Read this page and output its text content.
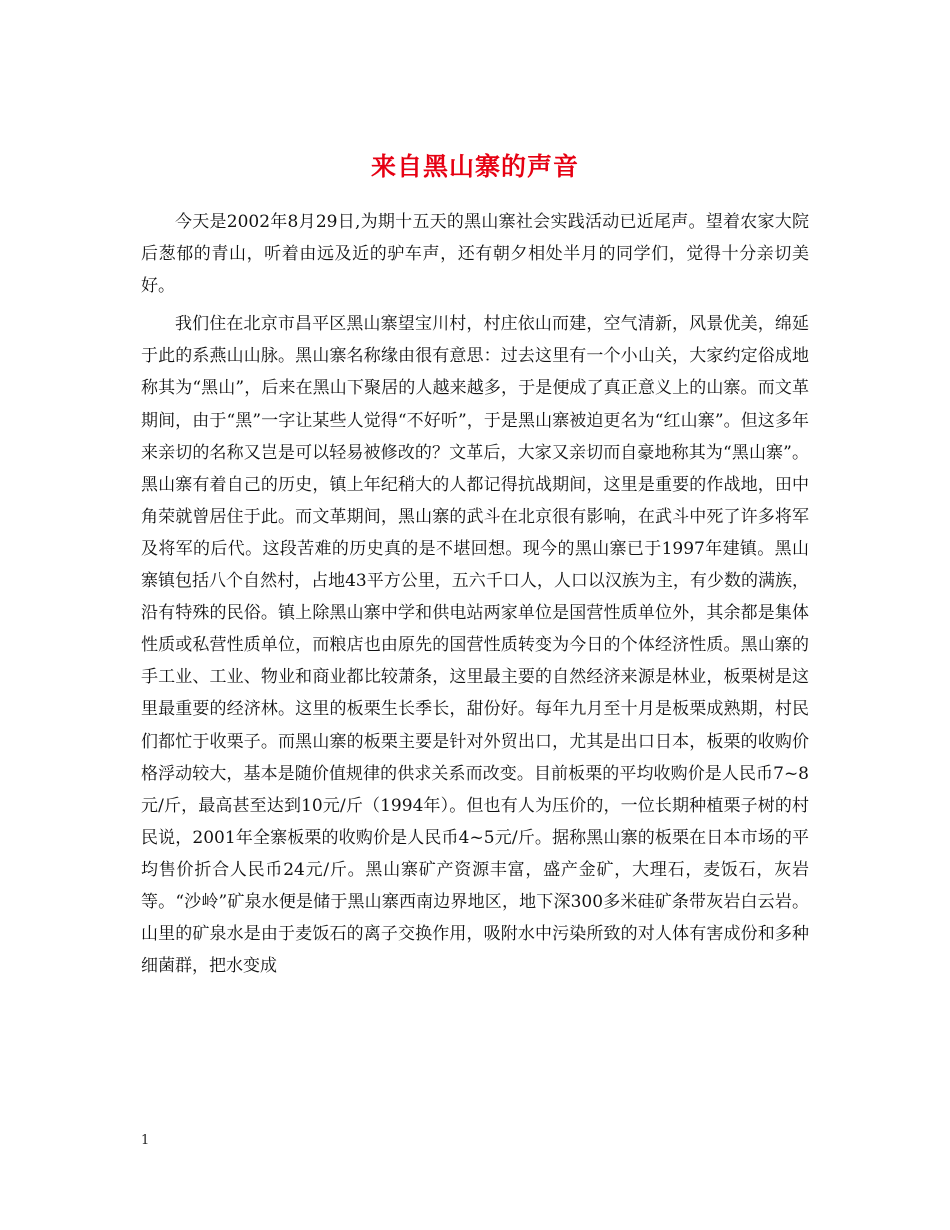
来自黑山寨的声音

今天是2002年8月29日,为期十五天的黑山寨社会实践活动已近尾声。望着农家大院后葱郁的青山，听着由远及近的驴车声，还有朝夕相处半月的同学们，觉得十分亲切美好。

我们住在北京市昌平区黑山寨望宝川村，村庄依山而建，空气清新，风景优美，绵延于此的系燕山山脉。黑山寨名称缘由很有意思：过去这里有一个小山关，大家约定俗成地称其为“黑山”，后来在黑山下聚居的人越来越多，于是便成了真正意义上的山寨。而文革期间，由于“黑”一字让某些人觉得“不好听”，于是黑山寨被迫更名为“红山寨”。但这多年来亲切的名称又岂是可以轻易被修改的？文革后，大家又亲切而自豪地称其为“黑山寨”。黑山寨有着自己的历史，镇上年纪稍大的人都记得抗战期间，这里是重要的作战地，田中角荣就曾居住于此。而文革期间，黑山寨的武斗在北京很有影响，在武斗中死了许多将军及将军的后代。这段苦难的历史真的是不堪回想。现今的黑山寨已于1997年建镇。黑山寨镇包括八个自然村，占地43平方公里，五六千口人，人口以汉族为主，有少数的满族，沿有特殊的民俗。镇上除黑山寨中学和供电站两家单位是国营性质单位外，其余都是集体性质或私营性质单位，而粮店也由原先的国营性质转变为今日的个体经济性质。黑山寨的手工业、工业、物业和商业都比较萧条，这里最主要的自然经济来源是林业，板栗树是这里最重要的经济林。这里的板栗生长季长，甜份好。每年九月至十月是板栗成熟期，村民们都忙于收栗子。而黑山寨的板栗主要是针对外贸出口，尤其是出口日本，板栗的收购价格浮动较大，基本是随价值规律的供求关系而改变。目前板栗的平均收购价是人民币7~8元/斤，最高甚至达到10元/斤（1994年）。但也有人为压价的，一位长期种植栗子树的村民说，2001年全寨板栗的收购价是人民币4~5元/斤。据称黑山寨的板栗在日本市场的平均售价折合人民币24元/斤。黑山寨矿产资源丰富，盛产金矿，大理石，麦饭石，灰岩等。“沙岭”矿泉水便是储于黑山寨西南边界地区，地下深300多米硅矿条带灰岩白云岩。山里的矿泉水是由于麦饭石的离子交换作用，吸附水中污染所致的对人体有害成份和多种细菌群，把水变成

1
